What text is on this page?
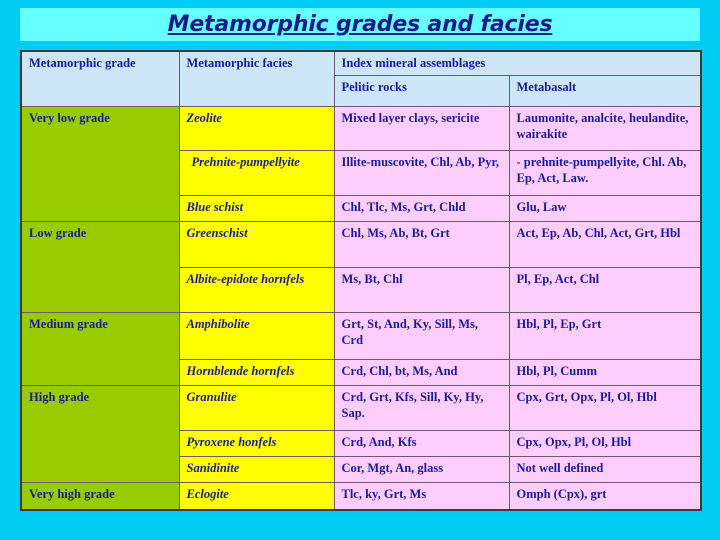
Metamorphic grades and facies
Metamorphic grade	Metamorphic facies	Index mineral assemblages	
		Pelitic rocks	Metabasalt
Very low grade	Zeolite	Mixed layer clays, sericite	Laumonite, analcite, heulandite, wairakite
	Prehnite-pumpellyite	Illite-muscovite, Chl, Ab, Pyr,	- prehnite-pumpellyite, Chl. Ab, Ep, Act, Law.
	Blue schist	Chl, Tlc, Ms, Grt, Chld	Glu, Law
Low grade	Greenschist	Chl, Ms, Ab, Bt, Grt	Act, Ep, Ab, Chl, Act, Grt, Hbl
	Albite-epidote hornfels	Ms, Bt, Chl	Pl, Ep, Act, Chl
Medium grade	Amphibolite	Grt, St, And, Ky, Sill, Ms, Crd	Hbl, Pl, Ep, Grt
	Hornblende hornfels	Crd, Chl, bt, Ms, And	Hbl, Pl, Cumm
High grade	Granulite	Crd, Grt, Kfs, Sill, Ky, Hy, Sap.	Cpx, Grt, Opx, Pl, Ol, Hbl
	Pyroxene honfels	Crd, And, Kfs	Cpx, Opx, Pl, Ol, Hbl
	Sanidinite	Cor, Mgt, An, glass	Not well defined
Very high grade	Eclogite	Tlc, ky, Grt, Ms	Omph (Cpx), grt
